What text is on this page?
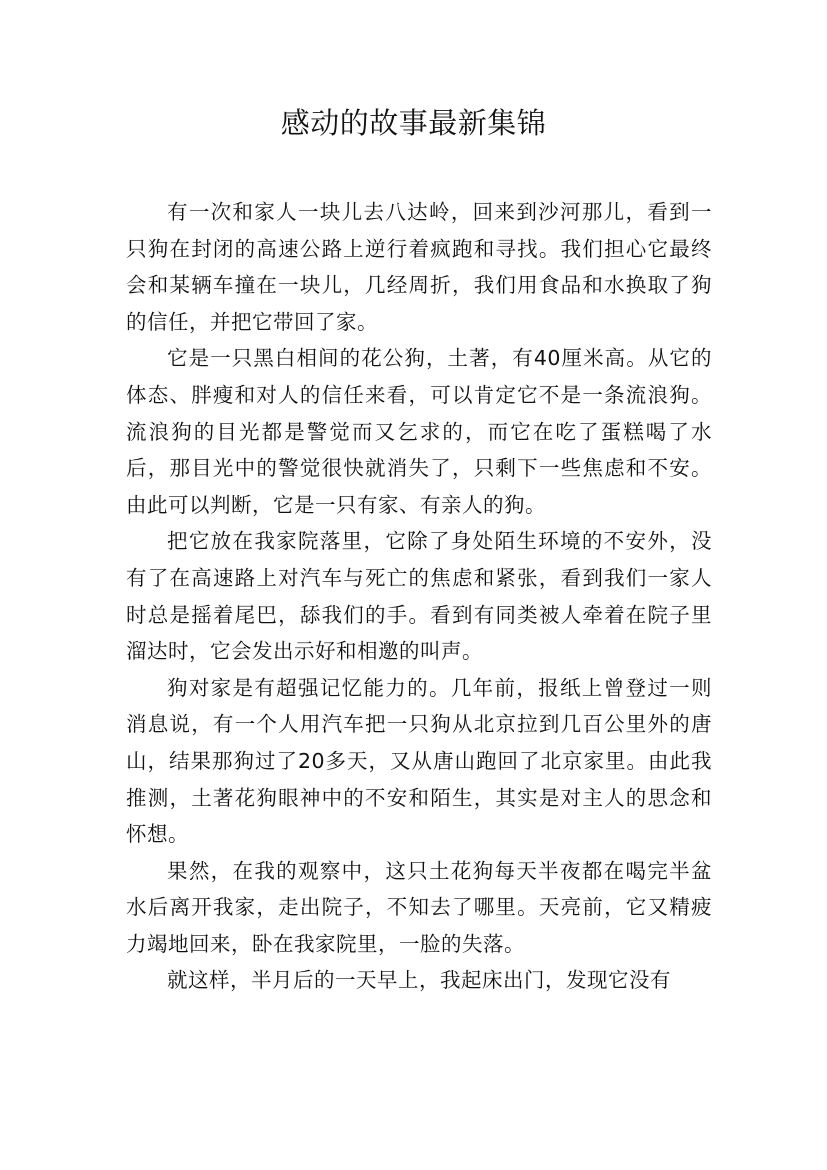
感动的故事最新集锦

有一次和家人一块儿去八达岭，回来到沙河那儿，看到一只狗在封闭的高速公路上逆行着疯跑和寻找。我们担心它最终会和某辆车撞在一块儿，几经周折，我们用食品和水换取了狗的信任，并把它带回了家。

它是一只黑白相间的花公狗，土著，有40厘米高。从它的体态、胖瘦和对人的信任来看，可以肯定它不是一条流浪狗。流浪狗的目光都是警觉而又乞求的，而它在吃了蛋糕喝了水后，那目光中的警觉很快就消失了，只剩下一些焦虑和不安。由此可以判断，它是一只有家、有亲人的狗。

把它放在我家院落里，它除了身处陌生环境的不安外，没有了在高速路上对汽车与死亡的焦虑和紧张，看到我们一家人时总是摇着尾巴，舔我们的手。看到有同类被人牵着在院子里溜达时，它会发出示好和相邀的叫声。

狗对家是有超强记忆能力的。几年前，报纸上曾登过一则消息说，有一个人用汽车把一只狗从北京拉到几百公里外的唐山，结果那狗过了20多天，又从唐山跑回了北京家里。由此我推测，土著花狗眼神中的不安和陌生，其实是对主人的思念和怀想。

果然，在我的观察中，这只土花狗每天半夜都在喝完半盆水后离开我家，走出院子，不知去了哪里。天亮前，它又精疲力竭地回来，卧在我家院里，一脸的失落。

就这样，半月后的一天早上，我起床出门，发现它没有
